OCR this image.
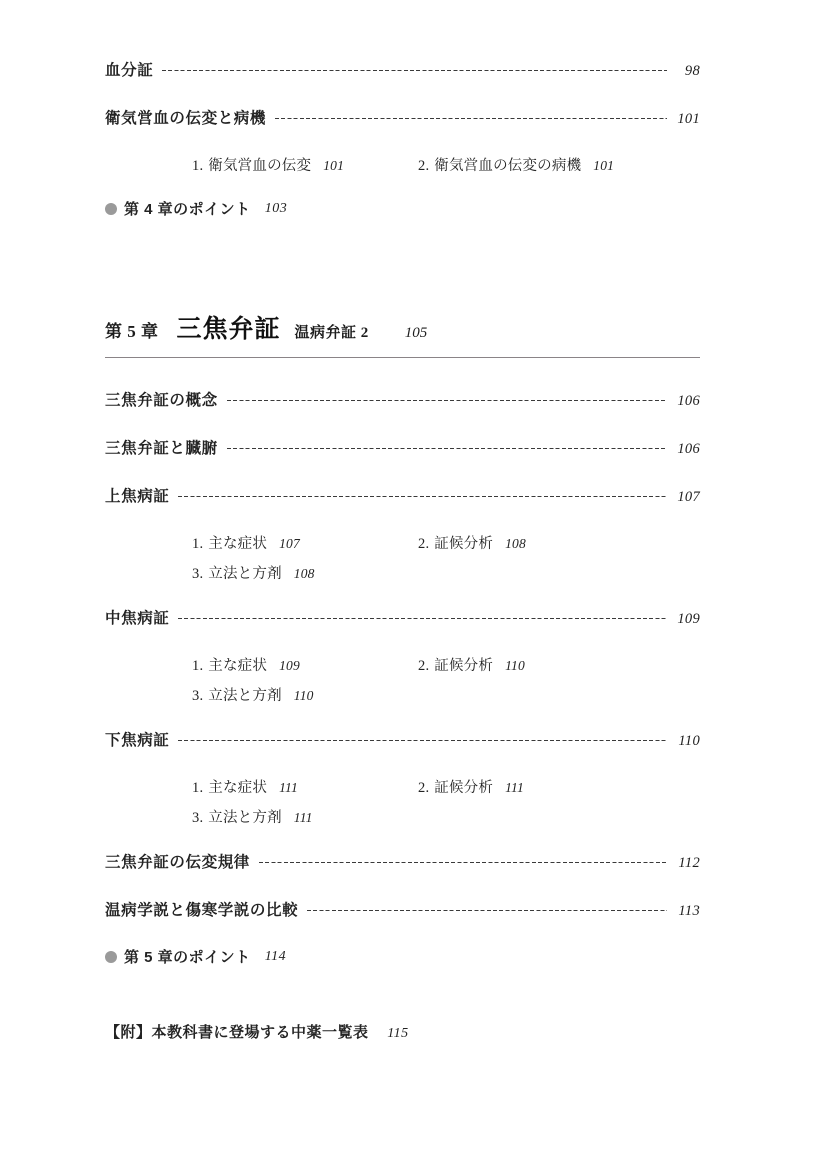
血分証	98
衛気営血の伝変と病機	101
1. 衛気営血の伝変 101	2. 衛気営血の伝変の病機 101
第 4 章のポイント 103
第 5 章 三焦弁証 温病弁証 2 105
三焦弁証の概念	106
三焦弁証と臓腑	106
上焦病証	107
1. 主な症状 107	2. 証候分析 108
3. 立法と方剤 108
中焦病証	109
1. 主な症状 109	2. 証候分析 110
3. 立法と方剤 110
下焦病証	110
1. 主な症状 111	2. 証候分析 111
3. 立法と方剤 111
三焦弁証の伝変規律	112
温病学説と傷寒学説の比較	113
第 5 章のポイント 114
【附】本教科書に登場する中薬一覧表 115
